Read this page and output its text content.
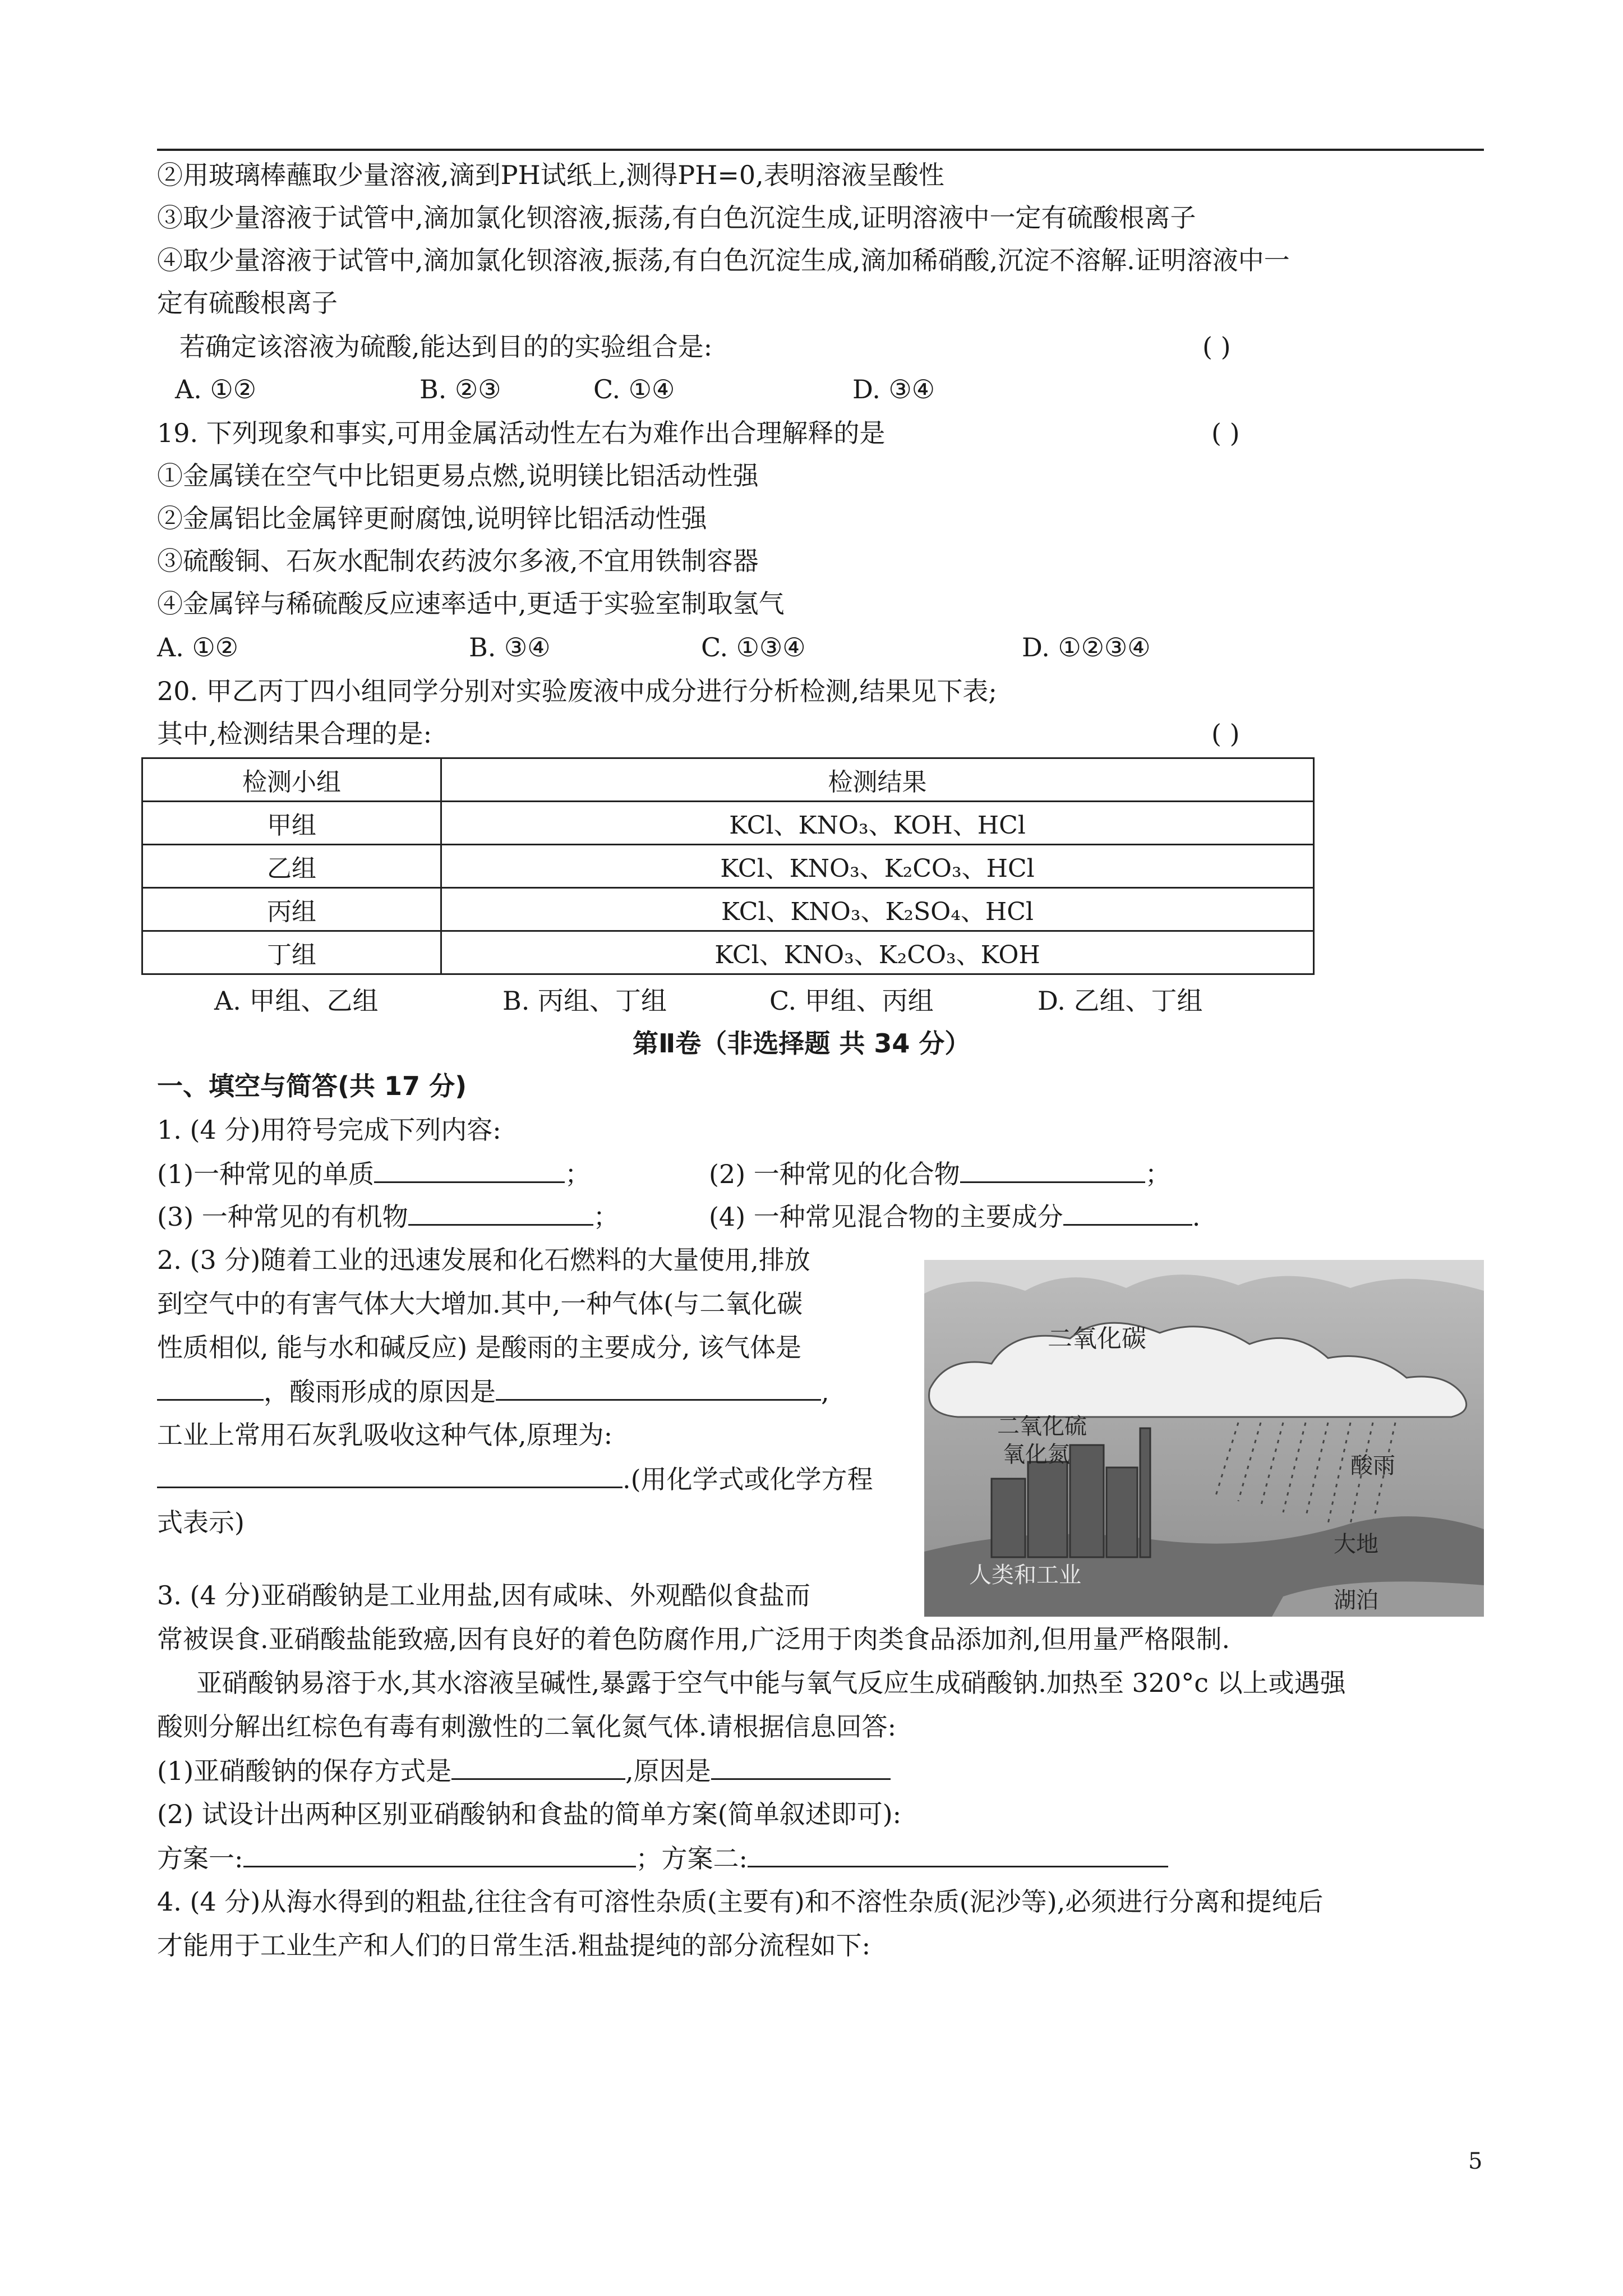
②用玻璃棒蘸取少量溶液,滴到PH试纸上,测得PH=0,表明溶液呈酸性
③取少量溶液于试管中,滴加氯化钡溶液,振荡,有白色沉淀生成,证明溶液中一定有硫酸根离子
④取少量溶液于试管中,滴加氯化钡溶液,振荡,有白色沉淀生成,滴加稀硝酸,沉淀不溶解.证明溶液中一
定有硫酸根离子
若确定该溶液为硫酸,能达到目的的实验组合是:	( )
A. ①②	B. ②③	C. ①④	D. ③④
19. 下列现象和事实,可用金属活动性左右为难作出合理解释的是	( )
①金属镁在空气中比铝更易点燃,说明镁比铝活动性强
②金属铝比金属锌更耐腐蚀,说明锌比铝活动性强
③硫酸铜、石灰水配制农药波尔多液,不宜用铁制容器
④金属锌与稀硫酸反应速率适中,更适于实验室制取氢气
A. ①②	B. ③④	C. ①③④	D. ①②③④
20. 甲乙丙丁四小组同学分别对实验废液中成分进行分析检测,结果见下表;
其中,检测结果合理的是:	( )
检测小组	检测结果
甲组	KCl、KNO₃、KOH、HCl
乙组	KCl、KNO₃、K₂CO₃、HCl
丙组	KCl、KNO₃、K₂SO₄、HCl
丁组	KCl、KNO₃、K₂CO₃、KOH
A. 甲组、乙组	B. 丙组、丁组	C. 甲组、丙组	D. 乙组、丁组
第Ⅱ卷（非选择题 共 34 分）
一、填空与简答(共 17 分)
1. (4 分)用符号完成下列内容:
(1)一种常见的单质	；	(2) 一种常见的化合物	；
(3) 一种常见的有机物	；	(4) 一种常见混合物的主要成分	.
2. (3 分)随着工业的迅速发展和化石燃料的大量使用,排放
到空气中的有害气体大大增加.其中,一种气体(与二氧化碳
性质相似, 能与水和碱反应) 是酸雨的主要成分, 该气体是
，酸雨形成的原因是	,
工业上常用石灰乳吸收这种气体,原理为:
.(用化学式或化学方程
式表示)
二氧化碳
二氧化硫
氧化氮	酸雨
人类和工业
大地
湖泊
3. (4 分)亚硝酸钠是工业用盐,因有咸味、外观酷似食盐而
常被误食.亚硝酸盐能致癌,因有良好的着色防腐作用,广泛用于肉类食品添加剂,但用量严格限制.
亚硝酸钠易溶于水,其水溶液呈碱性,暴露于空气中能与氧气反应生成硝酸钠.加热至 320°c 以上或遇强
酸则分解出红棕色有毒有刺激性的二氧化氮气体.请根据信息回答:
(1)亚硝酸钠的保存方式是	,原因是
(2) 试设计出两种区别亚硝酸钠和食盐的简单方案(简单叙述即可):
方案一:	；方案二:
4. (4 分)从海水得到的粗盐,往往含有可溶性杂质(主要有)和不溶性杂质(泥沙等),必须进行分离和提纯后
才能用于工业生产和人们的日常生活.粗盐提纯的部分流程如下:
5
